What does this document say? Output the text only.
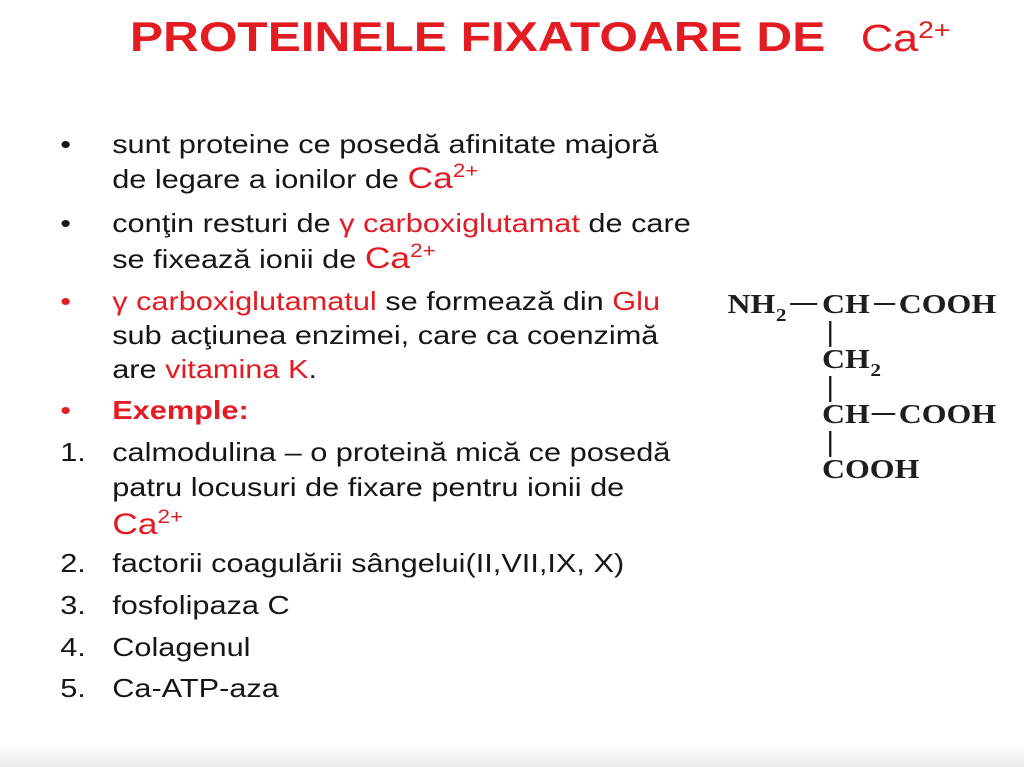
PROTEINELE FIXATOARE DE $Ca^{2+}$
• sunt proteine ce posedă afinitate majoră
de legare a ionilor de $Ca^{2+}$
• conţin resturi de γ carboxiglutamat de care
se fixează ionii de $Ca^{2+}$
• γ carboxiglutamatul se formează din Glu
sub acţiunea enzimei, care ca coenzimă
are vitamina K.
• Exemple:
1. calmodulina – o proteină mică ce posedă
patru locusuri de fixare pentru ionii de
$Ca^{2+}$
2. factorii coagulării sângelui(II,VII,IX, X)
3. fosfolipaza C
4. Colagenul
5. Ca-ATP-aza
NH 2 CH COOH
CH 2
CH COOH
COOH
